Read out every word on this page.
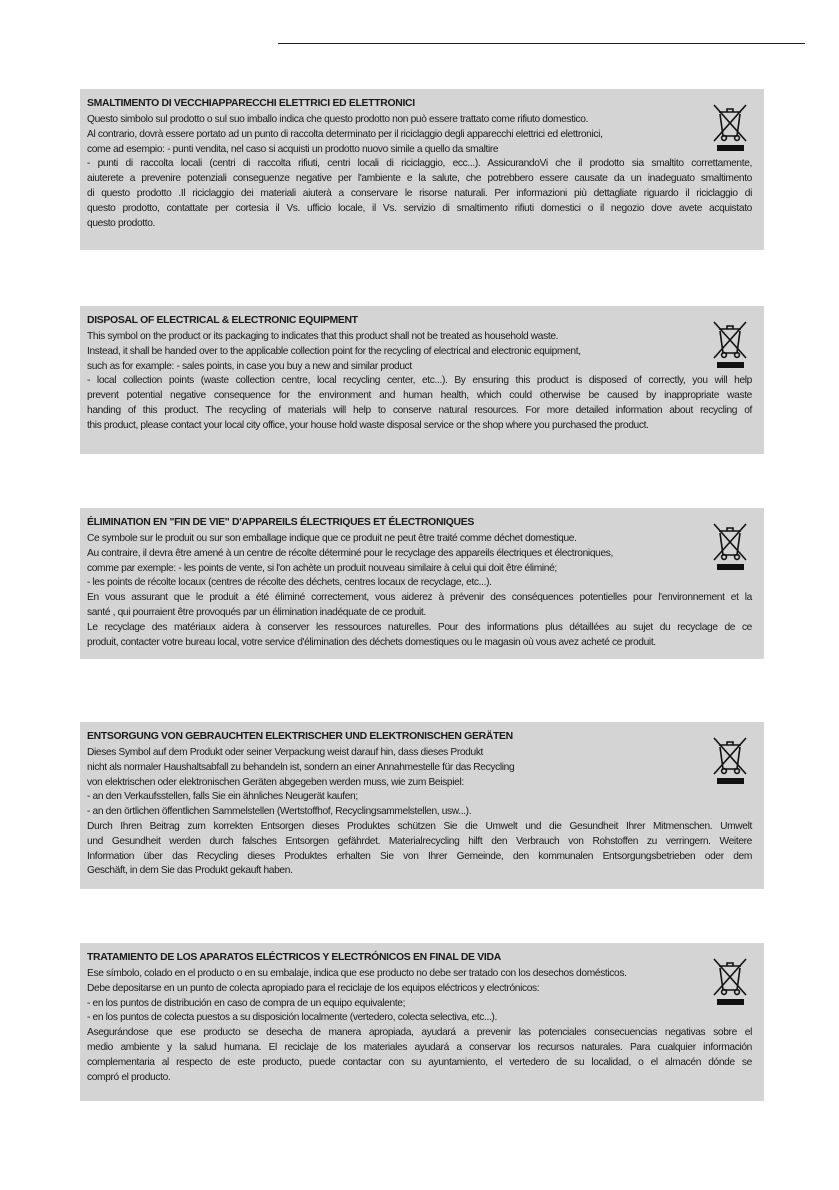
SMALTIMENTO DI VECCHIAPPARECCHI ELETTRICI ED ELETTRONICI
Questo simbolo sul prodotto o sul suo imballo indica che questo prodotto non può essere trattato come rifiuto domestico.
Al contrario, dovrà essere portato ad un punto di raccolta determinato per il riciclaggio degli apparecchi elettrici ed elettronici,
come ad esempio: - punti vendita, nel caso si acquisti un prodotto nuovo simile a quello da smaltire
- punti di raccolta locali (centri di raccolta rifiuti, centri locali di riciclaggio, ecc...). AssicurandoVi che il prodotto sia smaltito correttamente,
aiuterete a prevenire potenziali conseguenze negative per l'ambiente e la salute, che potrebbero essere causate da un inadeguato smaltimento
di questo prodotto .Il riciclaggio dei materiali aiuterà a conservare le risorse naturali. Per informazioni più dettagliate riguardo il riciclaggio di
questo prodotto, contattate per cortesia il Vs. ufficio locale, il Vs. servizio di smaltimento rifiuti domestici o il negozio dove avete acquistato
questo prodotto.
DISPOSAL OF ELECTRICAL & ELECTRONIC EQUIPMENT
This symbol on the product or its packaging to indicates that this product shall not be treated as household waste.
Instead, it shall be handed over to the applicable collection point for the recycling of electrical and electronic equipment,
such as for example: - sales points, in case you buy a new and similar product
- local collection points (waste collection centre, local recycling center, etc...). By ensuring this product is disposed of correctly, you will help
prevent potential negative consequence for the environment and human health, which could otherwise be caused by inappropriate waste
handing of this product. The recycling of materials will help to conserve natural resources. For more detailed information about recycling of
this product, please contact your local city office, your house hold waste disposal service or the shop where you purchased the product.
ÉLIMINATION EN "FIN DE VIE" D'APPAREILS ÉLECTRIQUES ET ÉLECTRONIQUES
Ce symbole sur le produit ou sur son emballage indique que ce produit ne peut être traité comme déchet domestique.
Au contraire, il devra être amené à un centre de récolte déterminé pour le recyclage des appareils électriques et électroniques,
comme par exemple: - les points de vente, si l'on achète un produit nouveau similaire à celui qui doit être éliminé;
- les points de récolte locaux (centres de récolte des déchets, centres locaux de recyclage, etc...).
En vous assurant que le produit a été éliminé correctement, vous aiderez à prévenir des conséquences potentielles pour l'environnement et la
santé , qui pourraient être provoqués par un élimination inadéquate de ce produit.
Le recyclage des matériaux aidera à conserver les ressources naturelles. Pour des informations plus détaillées au sujet du recyclage de ce
produit, contacter votre bureau local, votre service d'élimination des déchets domestiques ou le magasin où vous avez acheté ce produit.
ENTSORGUNG VON GEBRAUCHTEN ELEKTRISCHER UND ELEKTRONISCHEN GERÄTEN
Dieses Symbol auf dem Produkt oder seiner Verpackung weist darauf hin, dass dieses Produkt
nicht als normaler Haushaltsabfall zu behandeln ist, sondern an einer Annahmestelle für das Recycling
von elektrischen oder elektronischen Geräten abgegeben werden muss, wie zum Beispiel:
- an den Verkaufsstellen, falls Sie ein ähnliches Neugerät kaufen;
- an den örtlichen öffentlichen Sammelstellen (Wertstoffhof, Recyclingsammelstellen, usw...).
Durch Ihren Beitrag zum korrekten Entsorgen dieses Produktes schützen Sie die Umwelt und die Gesundheit Ihrer Mitmenschen. Umwelt
und Gesundheit werden durch falsches Entsorgen gefährdet. Materialrecycling hilft den Verbrauch von Rohstoffen zu verringern. Weitere
Information über das Recycling dieses Produktes erhalten Sie von Ihrer Gemeinde, den kommunalen Entsorgungsbetrieben oder dem
Geschäft, in dem Sie das Produkt gekauft haben.
TRATAMIENTO DE LOS APARATOS ELÉCTRICOS Y ELECTRÓNICOS EN FINAL DE VIDA
Ese símbolo, colado en el producto o en su embalaje, indica que ese producto no debe ser tratado con los desechos domésticos.
Debe depositarse en un punto de colecta apropiado para el reciclaje de los equipos eléctricos y electrónicos:
- en los puntos de distribución en caso de compra de un equipo equivalente;
- en los puntos de colecta puestos a su disposición localmente (vertedero, colecta selectiva, etc...).
Asegurándose que ese producto se desecha de manera apropiada, ayudará a prevenir las potenciales consecuencias negativas sobre el
medio ambiente y la salud humana. El reciclaje de los materiales ayudará a conservar los recursos naturales. Para cualquier información
complementaria al respecto de este producto, puede contactar con su ayuntamiento, el vertedero de su localidad, o el almacén dónde se
compró el producto.
